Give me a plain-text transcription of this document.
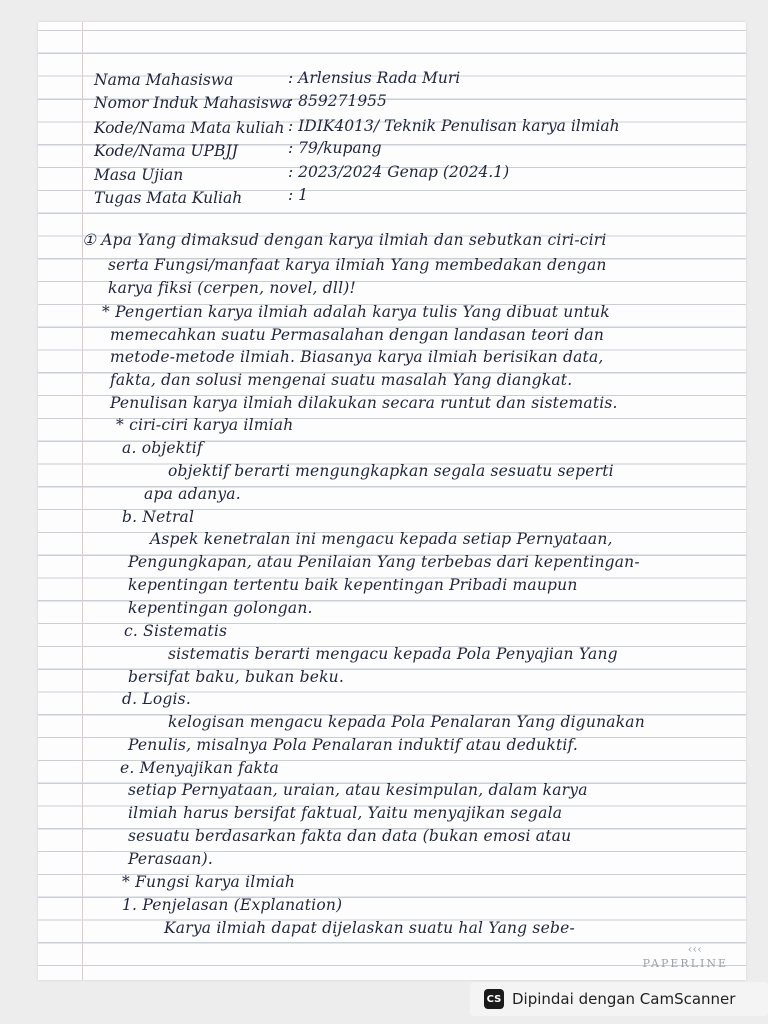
Nama Mahasiswa	: Arlensius Rada Muri
Nomor Induk Mahasiswa
: 859271955
Kode/Nama Mata kuliah : IDIK4013/ Teknik Penulisan karya ilmiah
Kode/Nama UPBJJ	: 79/kupang
Masa Ujian	: 2023/2024 Genap (2024.1)
Tugas Mata Kuliah	: 1
① Apa Yang dimaksud dengan karya ilmiah dan sebutkan ciri-ciri
serta Fungsi/manfaat karya ilmiah Yang membedakan dengan
karya fiksi (cerpen, novel, dll)!
* Pengertian karya ilmiah adalah karya tulis Yang dibuat untuk
memecahkan suatu Permasalahan dengan landasan teori dan
metode-metode ilmiah. Biasanya karya ilmiah berisikan data,
fakta, dan solusi mengenai suatu masalah Yang diangkat.
Penulisan karya ilmiah dilakukan secara runtut dan sistematis.
* ciri-ciri karya ilmiah
a. objektif
objektif berarti mengungkapkan segala sesuatu seperti
apa adanya.
b. Netral
Aspek kenetralan ini mengacu kepada setiap Pernyataan,
Pengungkapan, atau Penilaian Yang terbebas dari kepentingan-
kepentingan tertentu baik kepentingan Pribadi maupun
kepentingan golongan.
c. Sistematis
sistematis berarti mengacu kepada Pola Penyajian Yang
bersifat baku, bukan beku.
d. Logis.
kelogisan mengacu kepada Pola Penalaran Yang digunakan
Penulis, misalnya Pola Penalaran induktif atau deduktif.
e. Menyajikan fakta
setiap Pernyataan, uraian, atau kesimpulan, dalam karya
ilmiah harus bersifat faktual, Yaitu menyajikan segala
sesuatu berdasarkan fakta dan data (bukan emosi atau
Perasaan).
* Fungsi karya ilmiah
1. Penjelasan (Explanation)
Karya ilmiah dapat dijelaskan suatu hal Yang sebe-
‹‹‹
PAPERLINE
CS Dipindai dengan CamScanner
